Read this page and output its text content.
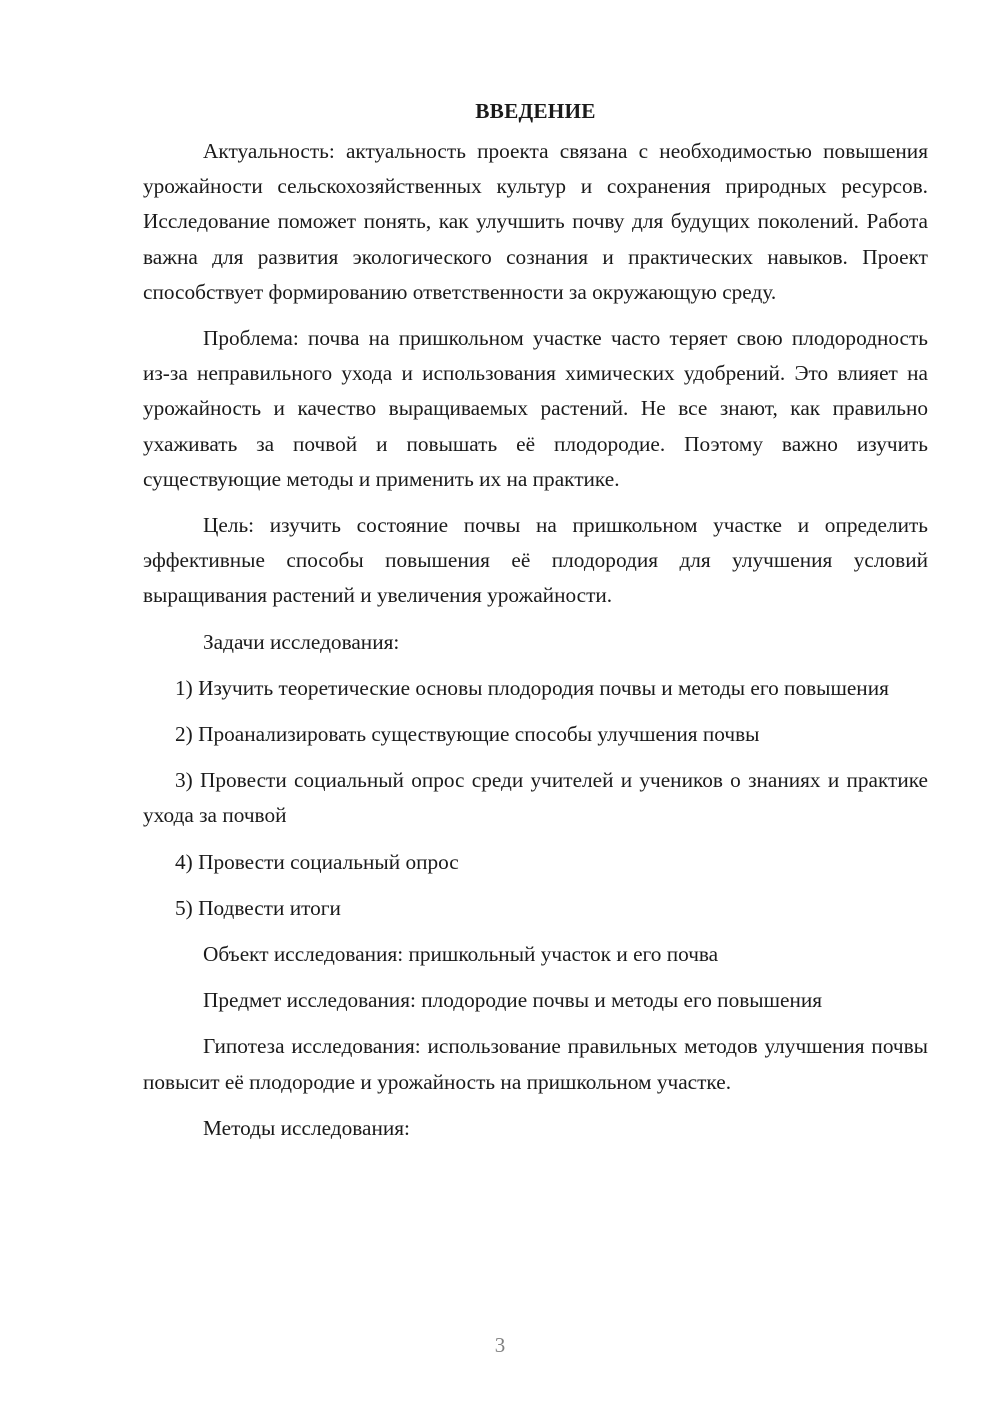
ВВЕДЕНИЕ

Актуальность: актуальность проекта связана с необходимостью повышения урожайности сельскохозяйственных культур и сохранения природных ресурсов. Исследование поможет понять, как улучшить почву для будущих поколений. Работа важна для развития экологического сознания и практических навыков. Проект способствует формированию ответственности за окружающую среду.

Проблема: почва на пришкольном участке часто теряет свою плодородность из-за неправильного ухода и использования химических удобрений. Это влияет на урожайность и качество выращиваемых растений. Не все знают, как правильно ухаживать за почвой и повышать её плодородие. Поэтому важно изучить существующие методы и применить их на практике.

Цель: изучить состояние почвы на пришкольном участке и определить эффективные способы повышения её плодородия для улучшения условий выращивания растений и увеличения урожайности.

Задачи исследования:

1) Изучить теоретические основы плодородия почвы и методы его повышения

2) Проанализировать существующие способы улучшения почвы

3) Провести социальный опрос среди учителей и учеников о знаниях и практике ухода за почвой

4) Провести социальный опрос

5) Подвести итоги

Объект исследования: пришкольный участок и его почва

Предмет исследования: плодородие почвы и методы его повышения

Гипотеза исследования: использование правильных методов улучшения почвы повысит её плодородие и урожайность на пришкольном участке.

Методы исследования:

3
